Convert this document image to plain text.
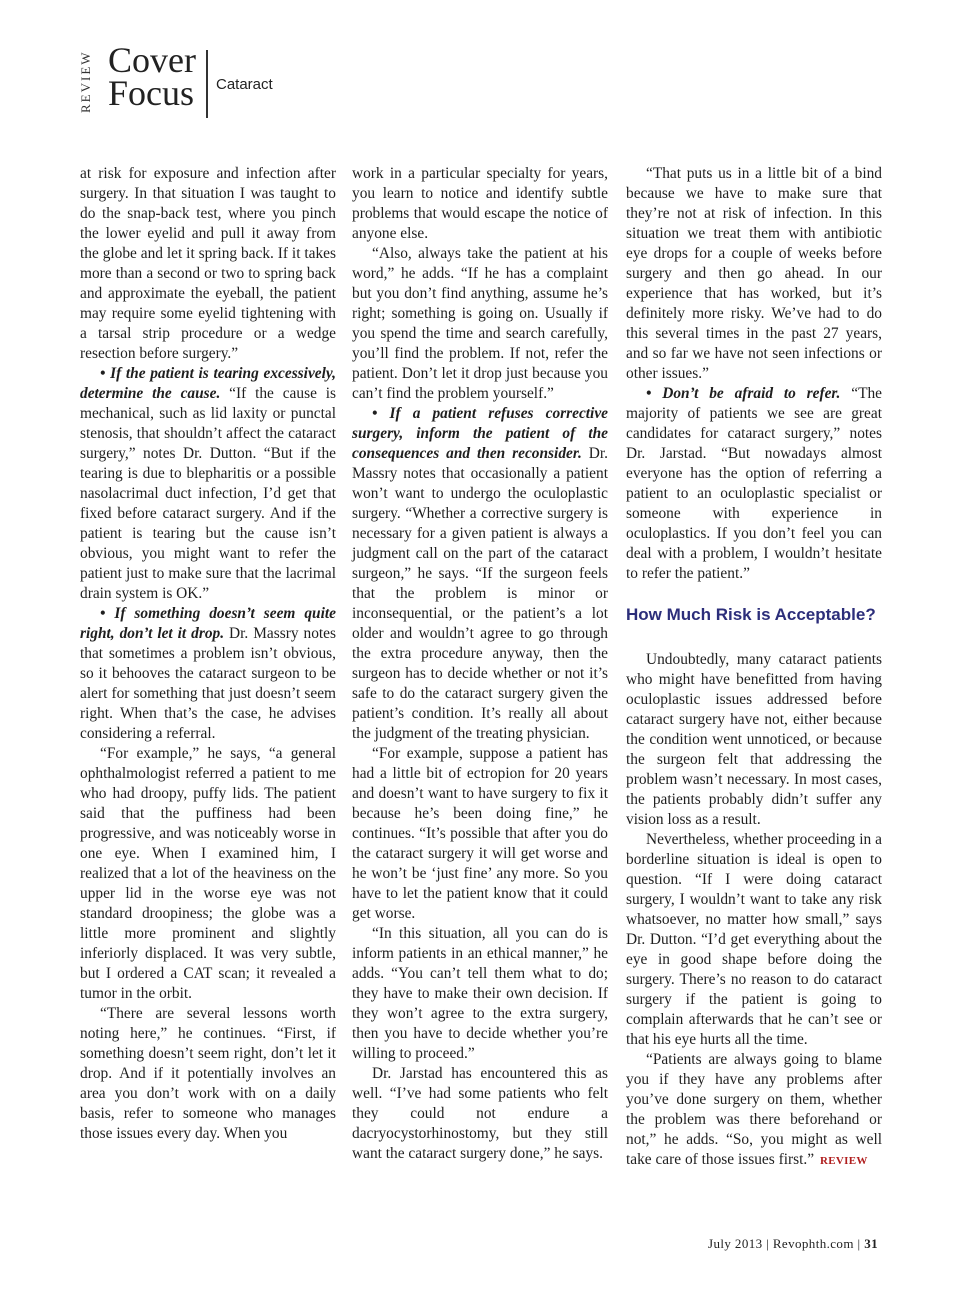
REVIEW Cover
Focus Cataract

at risk for exposure and infection after surgery. In that situation I was taught to do the snap-back test, where you pinch the lower eyelid and pull it away from the globe and let it spring back. If it takes more than a second or two to spring back and approximate the eyeball, the patient may require some eyelid tightening with a tarsal strip procedure or a wedge resection before surgery.”

• If the patient is tearing excessively, determine the cause. “If the cause is mechanical, such as lid laxity or punctal stenosis, that shouldn’t affect the cataract surgery,” notes Dr. Dutton. “But if the tearing is due to blepharitis or a possible nasolacrimal duct infection, I’d get that fixed before cataract surgery. And if the patient is tearing but the cause isn’t obvious, you might want to refer the patient just to make sure that the lacrimal drain system is OK.”

• If something doesn’t seem quite right, don’t let it drop. Dr. Massry notes that sometimes a problem isn’t obvious, so it behooves the cataract surgeon to be alert for something that just doesn’t seem right. When that’s the case, he advises considering a referral.

“For example,” he says, “a general ophthalmologist referred a patient to me who had droopy, puffy lids. The patient said that the puffiness had been progressive, and was noticeably worse in one eye. When I examined him, I realized that a lot of the heaviness on the upper lid in the worse eye was not standard droopiness; the globe was a little more prominent and slightly inferiorly displaced. It was very subtle, but I ordered a CAT scan; it revealed a tumor in the orbit.

“There are several lessons worth noting here,” he continues. “First, if something doesn’t seem right, don’t let it drop. And if it potentially involves an area you don’t work with on a daily basis, refer to someone who manages those issues every day. When you

work in a particular specialty for years, you learn to notice and identify subtle problems that would escape the notice of anyone else.

“Also, always take the patient at his word,” he adds. “If he has a complaint but you don’t find anything, assume he’s right; something is going on. Usually if you spend the time and search carefully, you’ll find the problem. If not, refer the patient. Don’t let it drop just because you can’t find the problem yourself.”

• If a patient refuses corrective surgery, inform the patient of the consequences and then reconsider. Dr. Massry notes that occasionally a patient won’t want to undergo the oculoplastic surgery. “Whether a corrective surgery is necessary for a given patient is always a judgment call on the part of the cataract surgeon,” he says. “If the surgeon feels that the problem is minor or inconsequential, or the patient’s a lot older and wouldn’t agree to go through the extra procedure anyway, then the surgeon has to decide whether or not it’s safe to do the cataract surgery given the patient’s condition. It’s really all about the judgment of the treating physician.

“For example, suppose a patient has had a little bit of ectropion for 20 years and doesn’t want to have surgery to fix it because he’s been doing fine,” he continues. “It’s possible that after you do the cataract surgery it will get worse and he won’t be ‘just fine’ any more. So you have to let the patient know that it could get worse.

“In this situation, all you can do is inform patients in an ethical manner,” he adds. “You can’t tell them what to do; they have to make their own decision. If they won’t agree to the extra surgery, then you have to decide whether you’re willing to proceed.”

Dr. Jarstad has encountered this as well. “I’ve had some patients who felt they could not endure a dacryocystorhinostomy, but they still want the cataract surgery done,” he says.

“That puts us in a little bit of a bind because we have to make sure that they’re not at risk of infection. In this situation we treat them with antibiotic eye drops for a couple of weeks before surgery and then go ahead. In our experience that has worked, but it’s definitely more risky. We’ve had to do this several times in the past 27 years, and so far we have not seen infections or other issues.”

• Don’t be afraid to refer. “The majority of patients we see are great candidates for cataract surgery,” notes Dr. Jarstad. “But nowadays almost everyone has the option of referring a patient to an oculoplastic specialist or someone with experience in oculoplastics. If you don’t feel you can deal with a problem, I wouldn’t hesitate to refer the patient.”

How Much Risk is Acceptable?

Undoubtedly, many cataract patients who might have benefitted from having oculoplastic issues addressed before cataract surgery have not, either because the condition went unnoticed, or because the surgeon felt that addressing the problem wasn’t necessary. In most cases, the patients probably didn’t suffer any vision loss as a result.

Nevertheless, whether proceeding in a borderline situation is ideal is open to question. “If I were doing cataract surgery, I wouldn’t want to take any risk whatsoever, no matter how small,” says Dr. Dutton. “I’d get everything about the eye in good shape before doing the surgery. There’s no reason to do cataract surgery if the patient is going to complain afterwards that he can’t see or that his eye hurts all the time.

“Patients are always going to blame you if they have any problems after you’ve done surgery on them, whether the problem was there beforehand or not,” he adds. “So, you might as well take care of those issues first.” REVIEW

July 2013 | Revophth.com | 31
